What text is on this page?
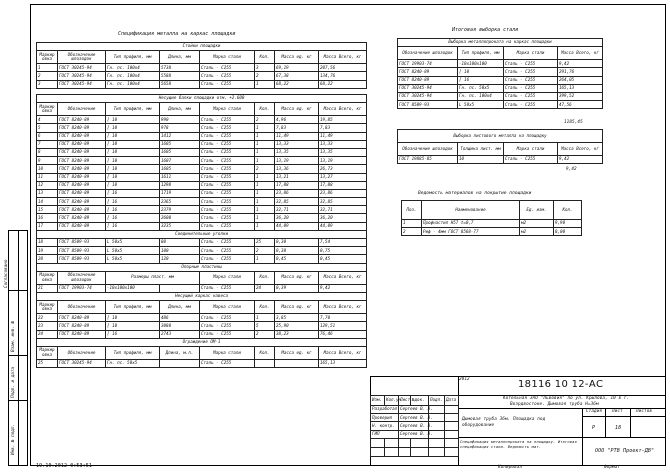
Согласовано
Взам. инв. №
Подп. и дата
Инв. № подл.
Спецификация металла на каркас площадки
Стойки площадки							
Маркир овка	Обозначение шпозодок	Тип профиля, мм	Длина, мм	Марка стали	Кол.	Масса ед. кг	Масса Всего, кг
1	ГОСТ 30245-94	Гн. пс. 100х4	5738	Сталь - С255	3	69,19	207,56
2	ГОСТ 30245-94	Гн. пс. 100х4	5588	Сталь - С255	2	67,38	134,76
3	ГОСТ 30245-94	Гн. пс. 100х4	5658	Сталь - С255	1	68,22	68,22
Несущие балки площадки отм. +2.600							
Маркир овка	Обозначение	Тип профиля, мм	Длина, мм	Марка стали	Кол.	Масса ед. кг	Масса Всего, кг
4	ГОСТ 8240-89	[ 10	990	Сталь - С255	2	4,96	19,85
5	ГОСТ 8240-89	[ 10	978	Сталь - С255	1	7,83	7,83
6	ГОСТ 8240-89	[ 10	1412	Сталь - С255	1	11,49	11,49
7	ГОСТ 8240-89	[ 10	1605	Сталь - С255	1	13,33	13,33
8	ГОСТ 8240-89	[ 10	1605	Сталь - С255	1	13,35	13,35
9	ГОСТ 8240-89	[ 10	1607	Сталь - С255	1	13,19	13,19
10	ГОСТ 8240-89	[ 10	1605	Сталь - С255	2	13,36	26,73
11	ГОСТ 8240-89	[ 10	1611	Сталь - С255	1	13,21	13,27
12	ГОСТ 8240-89	[ 10	1298	Сталь - С255	1	17,88	17,88
13	ГОСТ 8240-89	[ 16	1719	Сталь - С255	1	23,86	23,86
14	ГОСТ 8240-89	[ 16	2365	Сталь - С255	1	32,85	32,85
15	ГОСТ 8240-89	[ 16	2379	Сталь - С255	1	32,71	32,71
16	ГОСТ 8240-89	[ 16	2600	Сталь - С255	1	36,20	36,20
17	ГОСТ 8240-89	[ 16	3235	Сталь - С255	1	44,09	44,09
Соединительные уголки							
18	ГОСТ 8509-93	L 50х5	80	Сталь - С255	25	0,30	7,54
19	ГОСТ 8509-93	L 50х5	100	Сталь - С255	2	0,38	0,75
20	ГОСТ 8509-93	L 50х5	120	Сталь - С255	1	0,45	0,45
Опорные пластины							
Маркир овка	Обозначение шпозодок	Размеры пласт. мм		Марка стали	Кол.	Масса ед. кг	Масса Всего, кг
21	ГОСТ 19903-74	-10х100х100		Сталь - С255	24	0,39	9,42
Несущий каркас навеса							
Маркир овка	Обозначение	Тип профиля, мм	Длина, мм	Марка стали	Кол.	Масса ед. кг	Масса Всего, кг
22	ГОСТ 8240-89	[ 10	486	Сталь - С255	1	3,85	7,70
23	ГОСТ 8240-89	[ 10	3080	Сталь - С255	5	25,90	129,51
24	ГОСТ 8240-89	[ 16	2743	Сталь - С255	2	38,23	76,46
Ограждение ОМ-1							
Маркир овка	Обозначение	Тип профиля, мм	Длина, м.п.	Марка стали	Кол.	Масса ед. кг	Масса Всего, кг
25	ГОСТ 30245-94	Гн. пс. 50х5		Сталь - С255			165,13
Итоговая выборка стали
Выборка металлопроката на каркас площадки			
Обозначение шпозодок	Тип профиля, мм	Марка стали	Масса Всего, кг
ГОСТ 19903-74	-10х100х100	Сталь - С255	9,42
ГОСТ 8240-89	[ 10	Сталь - С255	291,76
ГОСТ 8240-89	[ 16	Сталь - С255	264,05
ГОСТ 30245-94	Гн. пс. 50х5	Сталь - С255	165,13
ГОСТ 30245-94	Гн. пс. 100х4	Сталь - С255	399,52
ГОСТ 8509-93	L 50х5	Сталь - С255	47,56
1185,45
Выборка листового металла на площадку			
Обозначение шпозодок	Толщина лист. мм	Марка стали	Масса Всего, кг
ГОСТ 19885-85	10	Сталь - С255	9,42
9,42
Ведомость материалов на покрытие площадки
Поз.	Наименование	Ед. изм.	Кол.
1	Профнастил Н57 t=0,7	м2	9,90
2	Риф - 4мм ГОСТ 8568-77	м2	8,00
18116 10 12-АС
2012
Котельная ЗАО "Львовия" по ул. Крылова, 10 в г.
Возрдвостоке. Дымовая труба Н=36м
Дымовая труба 36м. Площадка под оборудование
Спецификация металлопроката на площадку. Итоговая спецификация стали. Ведомость мат.
Стадия Лист	Листов
Р	18
ООО "РТВ Проект-ДВ"
Изм.	Кол.уч	Лист	№док.	Подп.	Дата
Разработал		Сергеев В. А.			
Проверил		Сергеев В. А.			
Н. контр.		Сергеев В. А.			
ГИП		Сергеев В. А.			

19.10.2012 0:53:51	Копировал	Формат
